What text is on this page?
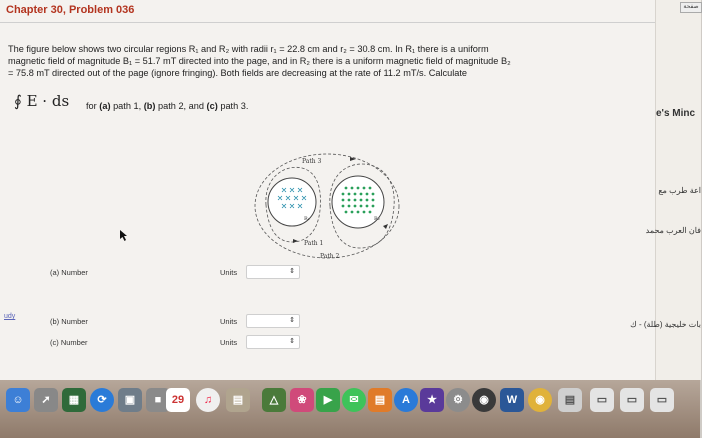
Chapter 30, Problem 036

The figure below shows two circular regions R₁ and R₂ with radii r₁ = 22.8 cm and r₂ = 30.8 cm. In R₁ there is a uniform

magnetic field of magnitude B₁ = 51.7 mT directed into the page, and in R₂ there is a uniform magnetic field of magnitude B₂

= 75.8 mT directed out of the page (ignore fringing). Both fields are decreasing at the rate of 11.2 mT/s. Calculate

∮ E · ds for (a) path 1, (b) path 2, and (c) path 3.
Path 3
R₁	R₂
Path 1
Path 2
(a) Number	Units	⇕
(b) Number	Units	⇕
(c) Number	Units	⇕
udy
صفحة
e's Minc
اعة طرب مع
فان العرب محمد
بات خليجية (طلة) - ك
☺	➚	▦	⟳	▣	■ 29	♫	▤	△	❀	▶	✉	▤	A	★	⚙	◉	W	◉	▤	▭	▭	▭
